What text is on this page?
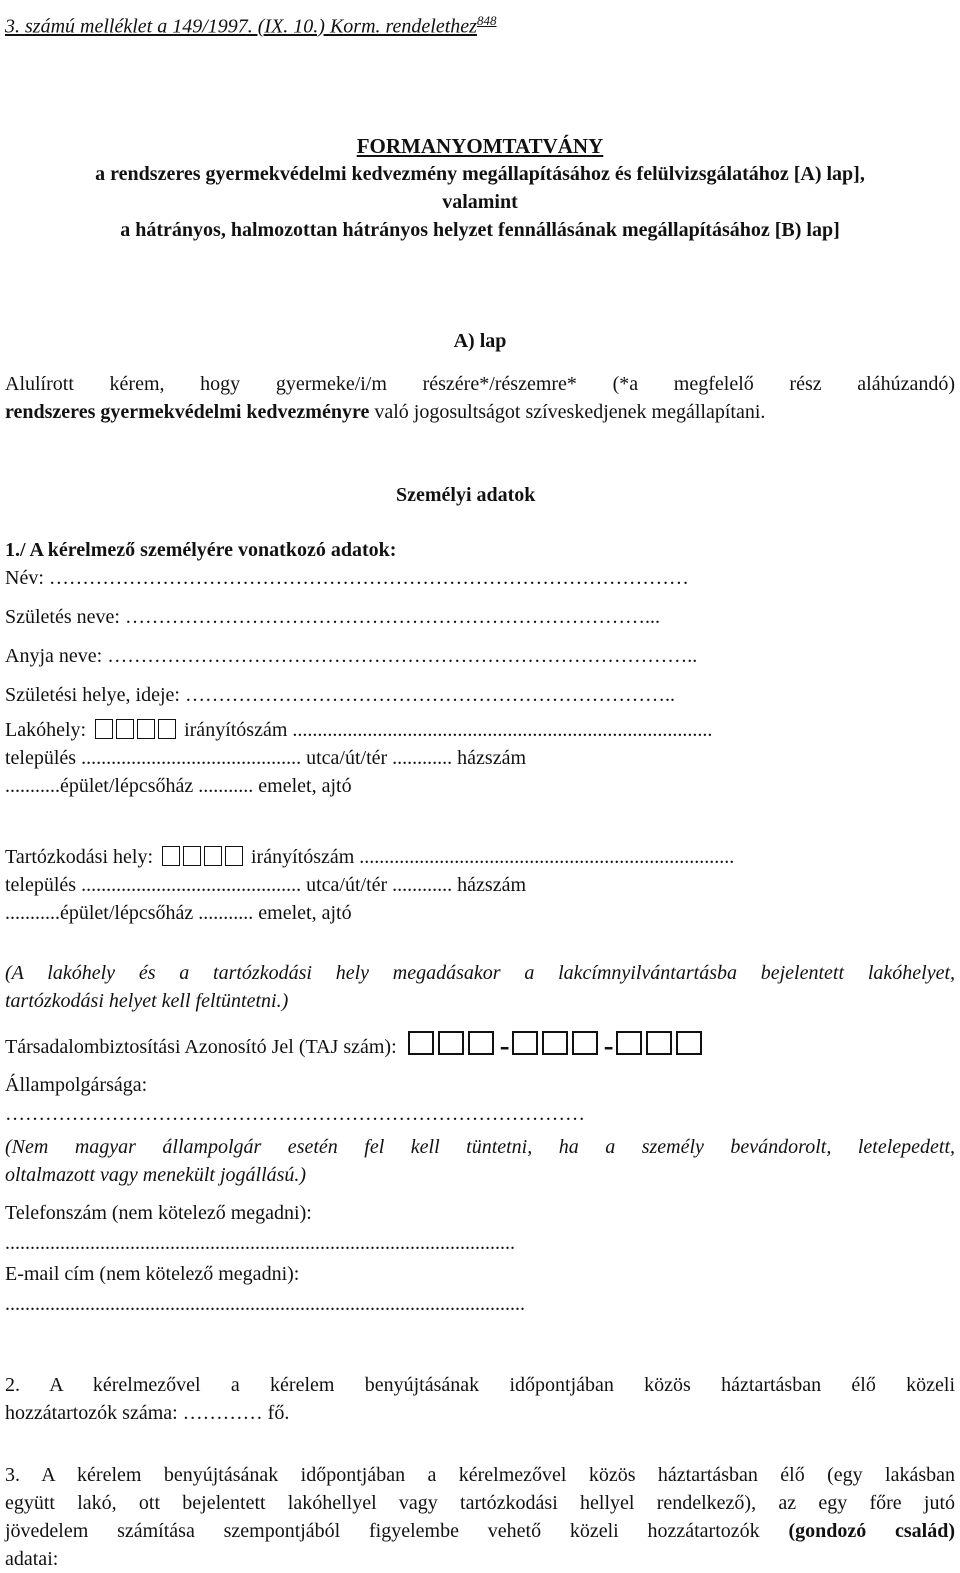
3. számú melléklet a 149/1997. (IX. 10.) Korm. rendelethez$^{848}$
FORMANYOMTATVÁNY
a rendszeres gyermekvédelmi kedvezmény megállapításához és felülvizsgálatához [A) lap],
valamint
a hátrányos, halmozottan hátrányos helyzet fennállásának megállapításához [B) lap]
A) lap
Alulírott kérem, hogy gyermeke/i/m részére*/részemre* (*a megfelelő rész aláhúzandó)
rendszeres gyermekvédelmi kedvezményre való jogosultságot szíveskedjenek megállapítani.
Személyi adatok
1./ A kérelmező személyére vonatkozó adatok:
Név: ……………………………………………………………………………………
Születés neve: ……………………………………………………………………...
Anyja neve: ……………………………………………………………………………..
Születési helye, ideje: ………………………………………………………………..
Lakóhely:	irányítószám ....................................................................................
település ............................................ utca/út/tér ............ házszám
...........épület/lépcsőház ........... emelet, ajtó
Tartózkodási hely:	irányítószám ...........................................................................
település ............................................ utca/út/tér ............ házszám
...........épület/lépcsőház ........... emelet, ajtó
(A lakóhely és a tartózkodási hely megadásakor a lakcímnyilvántartásba bejelentett lakóhelyet,
tartózkodási helyet kell feltüntetni.)
Társadalombiztosítási Azonosító Jel (TAJ szám):	-	-
Állampolgársága:
……………………………………………………………………………
(Nem magyar állampolgár esetén fel kell tüntetni, ha a személy bevándorolt, letelepedett,
oltalmazott vagy menekült jogállású.)
Telefonszám (nem kötelező megadni):
......................................................................................................
E-mail cím (nem kötelező megadni):
........................................................................................................
2. A kérelmezővel a kérelem benyújtásának időpontjában közös háztartásban élő közeli
hozzátartozók száma: ………… fő.
3. A kérelem benyújtásának időpontjában a kérelmezővel közös háztartásban élő (egy lakásban
együtt lakó, ott bejelentett lakóhellyel vagy tartózkodási hellyel rendelkező), az egy főre jutó
jövedelem számítása szempontjából figyelembe vehető közeli hozzátartozók (gondozó család)
adatai:
